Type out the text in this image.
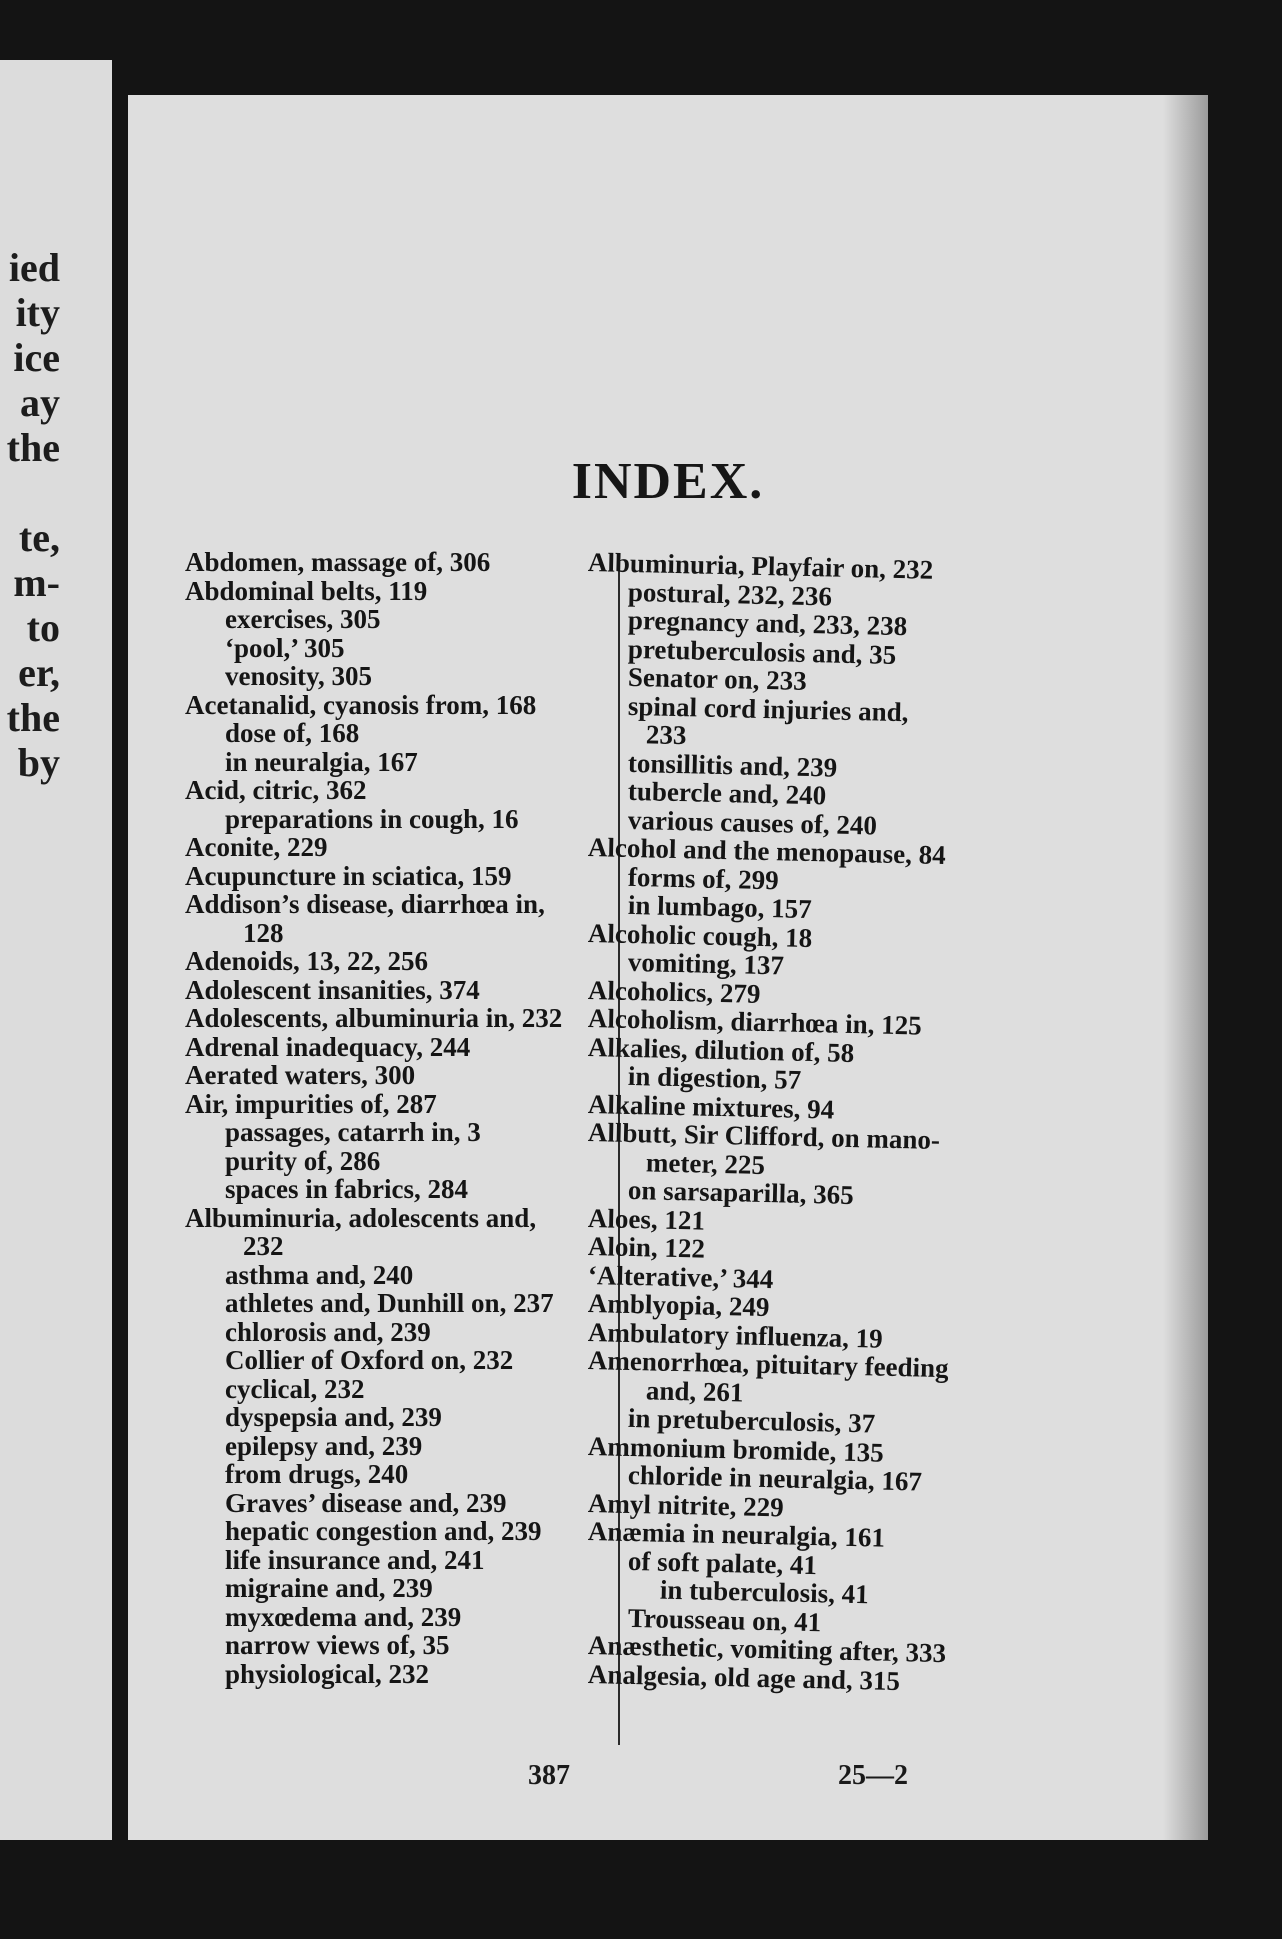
ied
ity
ice
ay
the
te,
m-
to
er,
the
by
INDEX.
Abdomen, massage of, 306
Abdominal belts, 119
exercises, 305
‘pool,’ 305
venosity, 305
Acetanalid, cyanosis from, 168
dose of, 168
in neuralgia, 167
Acid, citric, 362
preparations in cough, 16
Aconite, 229
Acupuncture in sciatica, 159
Addison’s disease, diarrhœa in,
128
Adenoids, 13, 22, 256
Adolescent insanities, 374
Adolescents, albuminuria in, 232
Adrenal inadequacy, 244
Aerated waters, 300
Air, impurities of, 287
passages, catarrh in, 3
purity of, 286
spaces in fabrics, 284
Albuminuria, adolescents and,
232
asthma and, 240
athletes and, Dunhill on, 237
chlorosis and, 239
Collier of Oxford on, 232
cyclical, 232
dyspepsia and, 239
epilepsy and, 239
from drugs, 240
Graves’ disease and, 239
hepatic congestion and, 239
life insurance and, 241
migraine and, 239
myxœdema and, 239
narrow views of, 35
physiological, 232
Albuminuria, Playfair on, 232
postural, 232, 236
pregnancy and, 233, 238
pretuberculosis and, 35
Senator on, 233
spinal cord injuries and,
233
tonsillitis and, 239
tubercle and, 240
various causes of, 240
Alcohol and the menopause, 84
forms of, 299
in lumbago, 157
Alcoholic cough, 18
vomiting, 137
Alcoholics, 279
Alcoholism, diarrhœa in, 125
Alkalies, dilution of, 58
in digestion, 57
Alkaline mixtures, 94
Allbutt, Sir Clifford, on mano-
meter, 225
on sarsaparilla, 365
Aloes, 121
Aloin, 122
‘Alterative,’ 344
Amblyopia, 249
Ambulatory influenza, 19
Amenorrhœa, pituitary feeding
and, 261
in pretuberculosis, 37
Ammonium bromide, 135
chloride in neuralgia, 167
Amyl nitrite, 229
Anæmia in neuralgia, 161
of soft palate, 41
in tuberculosis, 41
Trousseau on, 41
Anæsthetic, vomiting after, 333
Analgesia, old age and, 315
387	25—2
